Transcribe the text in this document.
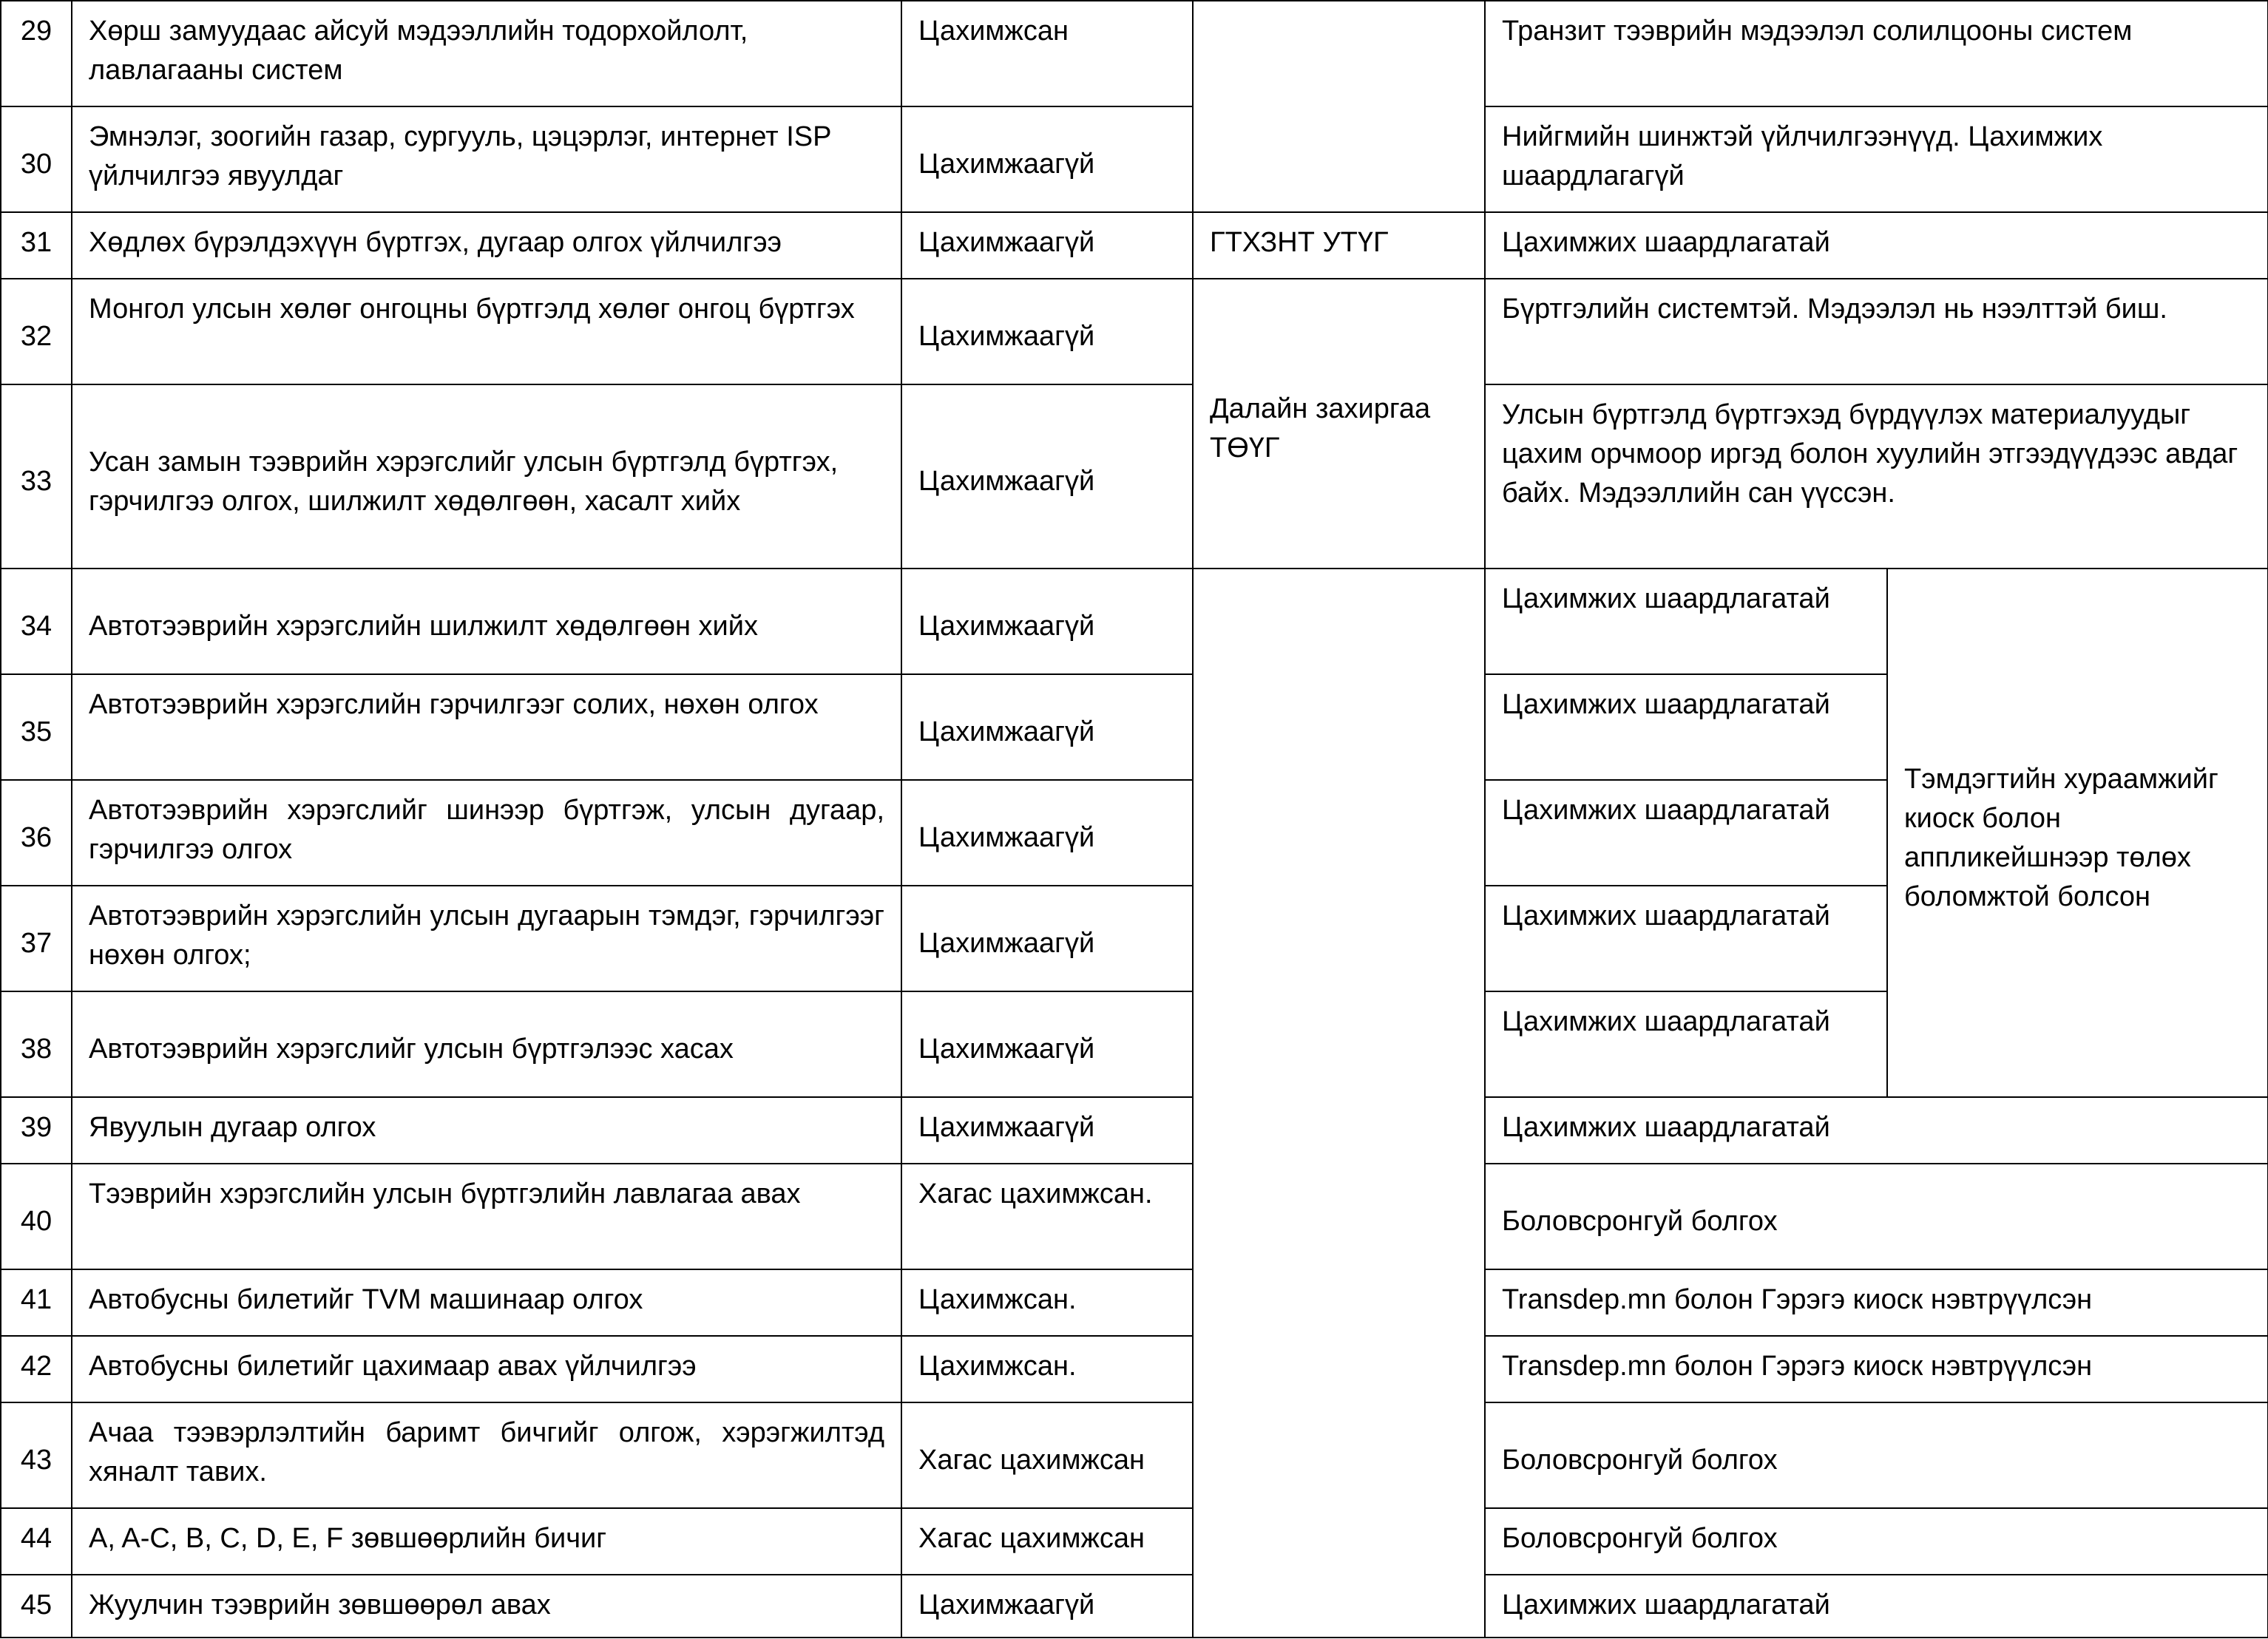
29	Хөрш замуудаас айсуй мэдээллийн тодорхойлолт, лавлагааны систем	Цахимжсан		Транзит тээврийн мэдээлэл солилцооны систем	
30	Эмнэлэг, зоогийн газар, сургууль, цэцэрлэг, интернет ISP үйлчилгээ явуулдаг	Цахимжаагүй		Нийгмийн шинжтэй үйлчилгээнүүд. Цахимжих шаардлагагүй	
31	Хөдлөх бүрэлдэхүүн бүртгэх, дугаар олгох үйлчилгээ	Цахимжаагүй	ГТХЗНТ УТҮГ	Цахимжих шаардлагатай	
32	Монгол улсын хөлөг онгоцны бүртгэлд хөлөг онгоц бүртгэх	Цахимжаагүй	Далайн захиргаа ТӨҮГ	Бүртгэлийн системтэй. Мэдээлэл нь нээлттэй биш.	
33	Усан замын тээврийн хэрэгслийг улсын бүртгэлд бүртгэх, гэрчилгээ олгох, шилжилт хөдөлгөөн, хасалт хийх	Цахимжаагүй		Улсын бүртгэлд бүртгэхэд бүрдүүлэх материалуудыг цахим орчмоор иргэд болон хуулийн этгээдүүдээс авдаг байх. Мэдээллийн сан үүссэн.	
34	Автотээврийн хэрэгслийн шилжилт хөдөлгөөн хийх	Цахимжаагүй		Цахимжих шаардлагатай	Тэмдэгтийн хураамжийг киоск болон аппликейшнээр төлөх боломжтой болсон
35	Автотээврийн хэрэгслийн гэрчилгээг солих, нөхөн олгох	Цахимжаагүй		Цахимжих шаардлагатай	
36	Автотээврийн хэрэгслийг шинээр бүртгэж, улсын дугаар, гэрчилгээ олгох	Цахимжаагүй		Цахимжих шаардлагатай	
37	Автотээврийн хэрэгслийн улсын дугаарын тэмдэг, гэрчилгээг нөхөн олгох;	Цахимжаагүй		Цахимжих шаардлагатай	
38	Автотээврийн хэрэгслийг улсын бүртгэлээс хасах	Цахимжаагүй		Цахимжих шаардлагатай	
39	Явуулын дугаар олгох	Цахимжаагүй		Цахимжих шаардлагатай	
40	Тээврийн хэрэгслийн улсын бүртгэлийн лавлагаа авах	Хагас цахимжсан.		Боловсронгуй болгох	
41	Автобусны билетийг TVM машинаар олгох	Цахимжсан.		Transdep.mn болон Гэрэгэ киоск нэвтрүүлсэн	
42	Автобусны билетийг цахимаар авах үйлчилгээ	Цахимжсан.		Transdep.mn болон Гэрэгэ киоск нэвтрүүлсэн	
43	Ачаа тээвэрлэлтийн баримт бичгийг олгож, хэрэгжилтэд хяналт тавих.	Хагас цахимжсан		Боловсронгуй болгох	
44	A, A-C, B, C, D, E, F зөвшөөрлийн бичиг	Хагас цахимжсан		Боловсронгуй болгох	
45	Жуулчин тээврийн зөвшөөрөл авах	Цахимжаагүй		Цахимжих шаардлагатай	
